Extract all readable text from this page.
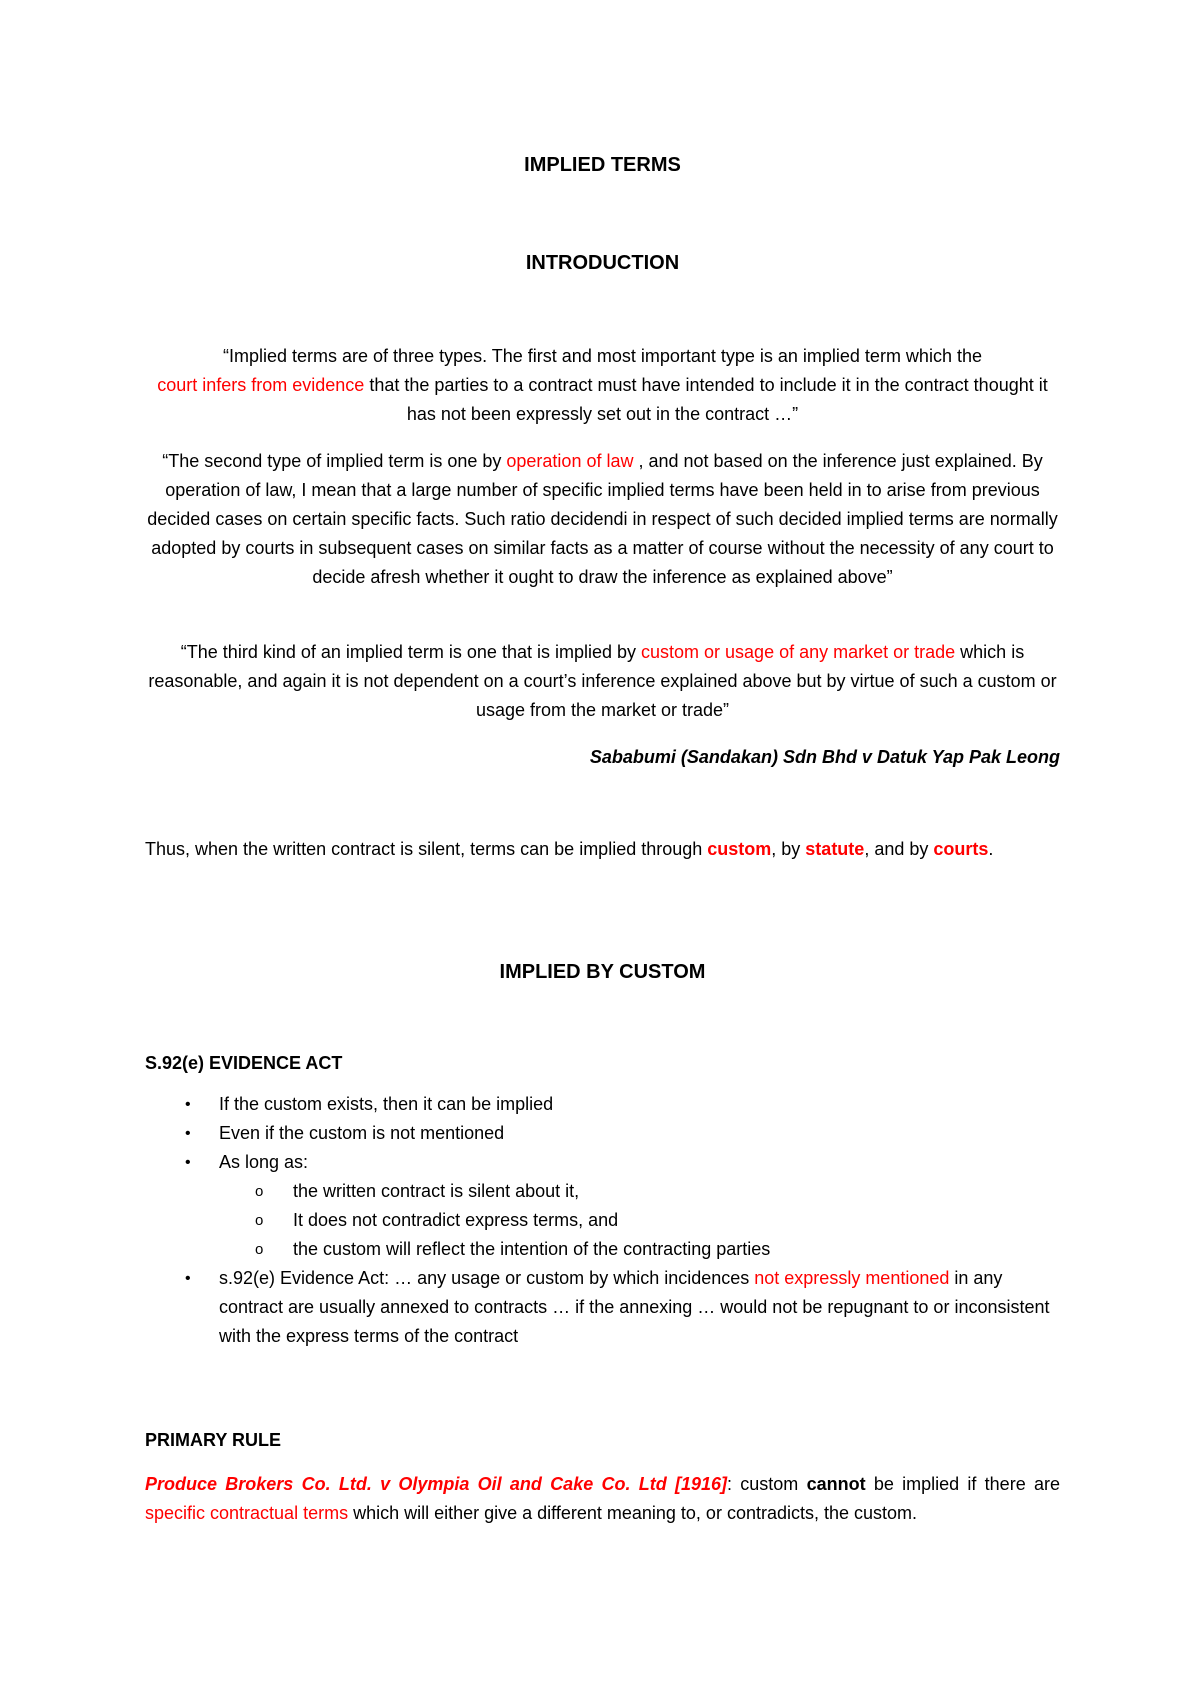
IMPLIED TERMS
INTRODUCTION

“Implied terms are of three types. The first and most important type is an implied term which the
court infers from evidence that the parties to a contract must have intended to include it in the contract thought it has not been expressly set out in the contract …”

“The second type of implied term is one by operation of law , and not based on the inference just explained. By operation of law, I mean that a large number of specific implied terms have been held in to arise from previous decided cases on certain specific facts. Such ratio decidendi in respect of such decided implied terms are normally adopted by courts in subsequent cases on similar facts as a matter of course without the necessity of any court to decide afresh whether it ought to draw the inference as explained above”

“The third kind of an implied term is one that is implied by custom or usage of any market or trade which is reasonable, and again it is not dependent on a court’s inference explained above but by virtue of such a custom or usage from the market or trade”

Sababumi (Sandakan) Sdn Bhd v Datuk Yap Pak Leong

Thus, when the written contract is silent, terms can be implied through custom, by statute, and by courts.

IMPLIED BY CUSTOM
S.92(e) EVIDENCE ACT
• If the custom exists, then it can be implied
• Even if the custom is not mentioned
• As long as:
o the written contract is silent about it,
o It does not contradict express terms, and
o the custom will reflect the intention of the contracting parties
• s.92(e) Evidence Act: … any usage or custom by which incidences not expressly mentioned in any contract are usually annexed to contracts … if the annexing … would not be repugnant to or inconsistent with the express terms of the contract
PRIMARY RULE

Produce Brokers Co. Ltd. v Olympia Oil and Cake Co. Ltd [1916]: custom cannot be implied if there are specific contractual terms which will either give a different meaning to, or contradicts, the custom.
